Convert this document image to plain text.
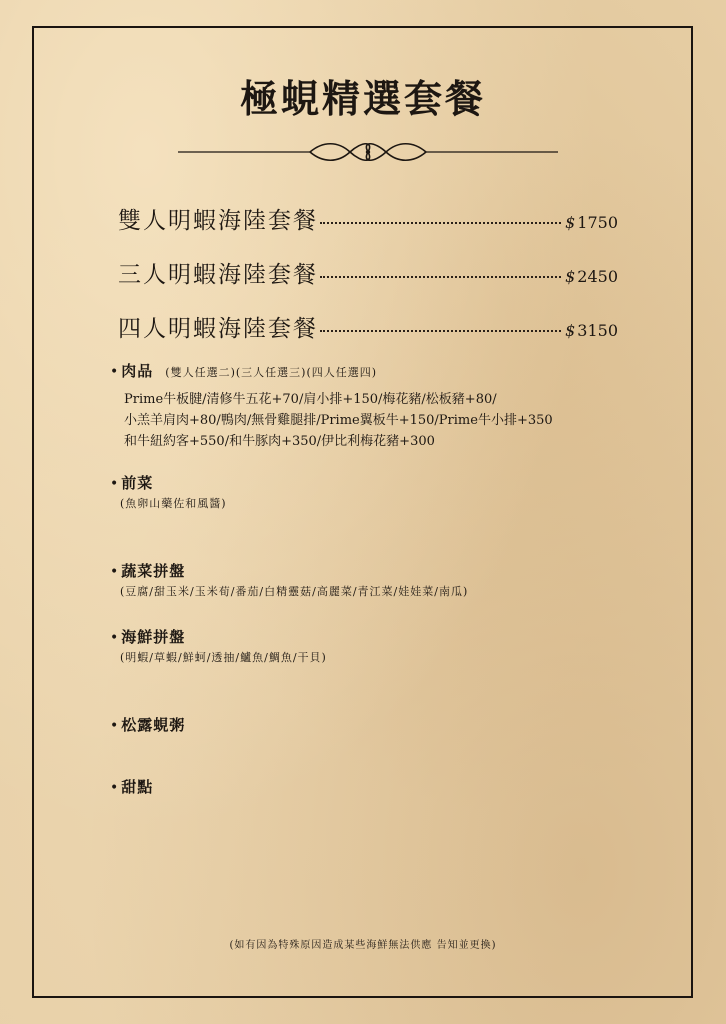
極蜆精選套餐
雙人明蝦海陸套餐	$ 1750
三人明蝦海陸套餐	$ 2450
四人明蝦海陸套餐	$ 3150
• 肉品 (雙人任選二)(三人任選三)(四人任選四)
Prime牛板腱/清修牛五花+70/肩小排+150/梅花豬/松板豬+80/
小羔羊肩肉+80/鴨肉/無骨雞腿排/Prime翼板牛+150/Prime牛小排+350
和牛紐約客+550/和牛豚肉+350/伊比利梅花豬+300
• 前菜
(魚卵山藥佐和風醬)
• 蔬菜拼盤
(豆腐/甜玉米/玉米荀/番茄/白精靈菇/高麗菜/青江菜/娃娃菜/南瓜)
• 海鮮拼盤
(明蝦/草蝦/鮮蚵/透抽/鱸魚/鯛魚/干貝)
• 松露蜆粥
• 甜點
(如有因為特殊原因造成某些海鮮無法供應 告知並更換)
